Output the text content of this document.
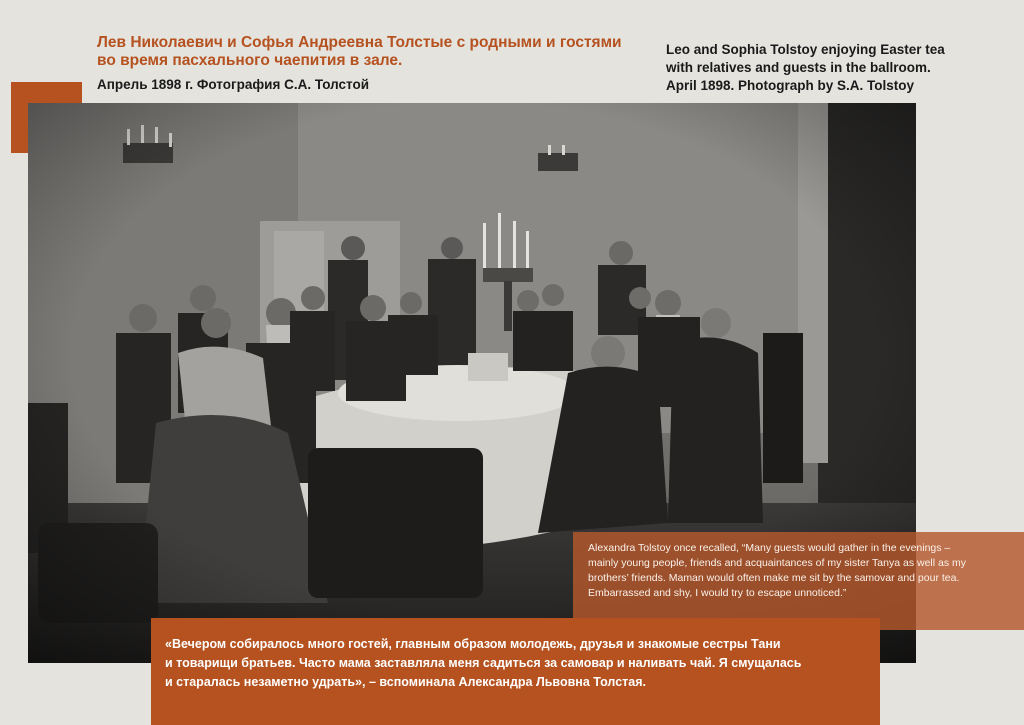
Лев Николаевич и Софья Андреевна Толстые с родными и гостями
во время пасхального чаепития в зале.
Апрель 1898 г. Фотография С.А. Толстой
Leo and Sophia Tolstoy enjoying Easter tea
with relatives and guests in the ballroom.
April 1898. Photograph by S.A. Tolstoy
Alexandra Tolstoy once recalled, “Many guests would gather in the evenings –
mainly young people, friends and acquaintances of my sister Tanya as well as my
brothers’ friends. Maman would often make me sit by the samovar and pour tea.
Embarrassed and shy, I would try to escape unnoticed.”
«Вечером собиралось много гостей, главным образом молодежь, друзья и знакомые сестры Тани
и товарищи братьев. Часто мама заставляла меня садиться за самовар и наливать чай. Я смущалась
и старалась незаметно удрать», – вспоминала Александра Львовна Толстая.
